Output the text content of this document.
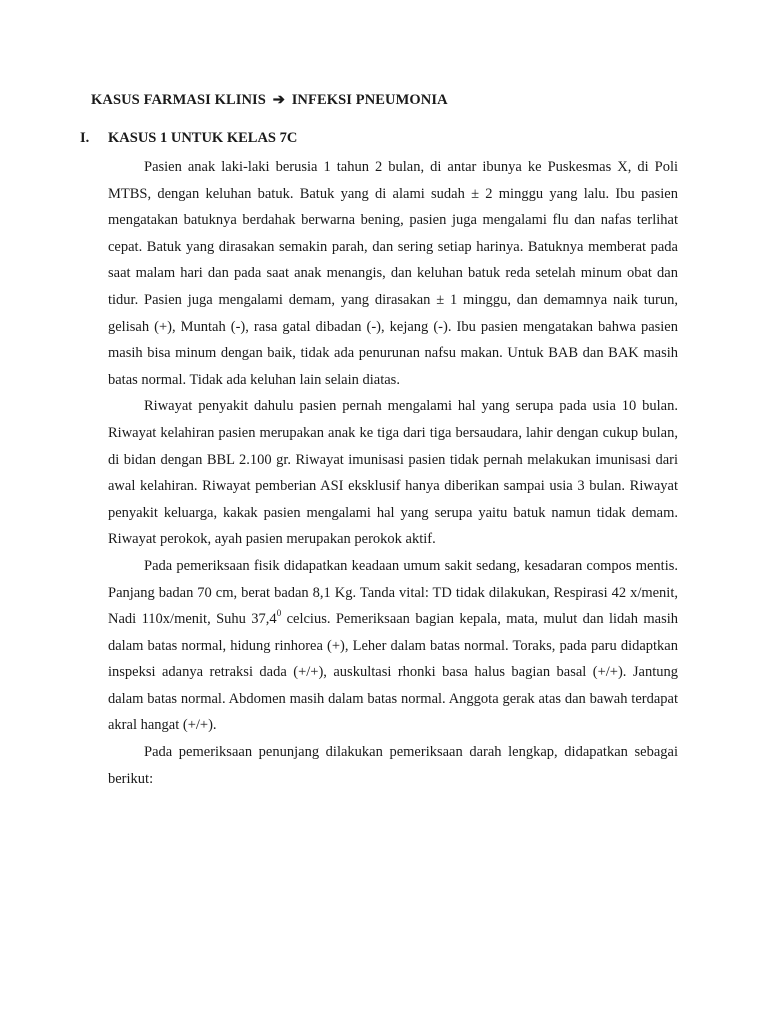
KASUS FARMASI KLINIS ➔ INFEKSI PNEUMONIA
I. KASUS 1 UNTUK KELAS 7C

Pasien anak laki-laki berusia 1 tahun 2 bulan, di antar ibunya ke Puskesmas X, di Poli MTBS, dengan keluhan batuk. Batuk yang di alami sudah ± 2 minggu yang lalu. Ibu pasien mengatakan batuknya berdahak berwarna bening, pasien juga mengalami flu dan nafas terlihat cepat. Batuk yang dirasakan semakin parah, dan sering setiap harinya. Batuknya memberat pada saat malam hari dan pada saat anak menangis, dan keluhan batuk reda setelah minum obat dan tidur. Pasien juga mengalami demam, yang dirasakan ± 1 minggu, dan demamnya naik turun, gelisah (+), Muntah (-), rasa gatal dibadan (-), kejang (-). Ibu pasien mengatakan bahwa pasien masih bisa minum dengan baik, tidak ada penurunan nafsu makan. Untuk BAB dan BAK masih batas normal. Tidak ada keluhan lain selain diatas.

Riwayat penyakit dahulu pasien pernah mengalami hal yang serupa pada usia 10 bulan. Riwayat kelahiran pasien merupakan anak ke tiga dari tiga bersaudara, lahir dengan cukup bulan, di bidan dengan BBL 2.100 gr. Riwayat imunisasi pasien tidak pernah melakukan imunisasi dari awal kelahiran. Riwayat pemberian ASI eksklusif hanya diberikan sampai usia 3 bulan. Riwayat penyakit keluarga, kakak pasien mengalami hal yang serupa yaitu batuk namun tidak demam. Riwayat perokok, ayah pasien merupakan perokok aktif.

Pada pemeriksaan fisik didapatkan keadaan umum sakit sedang, kesadaran compos mentis. Panjang badan 70 cm, berat badan 8,1 Kg. Tanda vital: TD tidak dilakukan, Respirasi 42 x/menit, Nadi 110x/menit, Suhu 37,4$^0$ celcius. Pemeriksaan bagian kepala, mata, mulut dan lidah masih dalam batas normal, hidung rinhorea (+), Leher dalam batas normal. Toraks, pada paru didaptkan inspeksi adanya retraksi dada (+/+), auskultasi rhonki basa halus bagian basal (+/+). Jantung dalam batas normal. Abdomen masih dalam batas normal. Anggota gerak atas dan bawah terdapat akral hangat (+/+).

Pada pemeriksaan penunjang dilakukan pemeriksaan darah lengkap, didapatkan sebagai berikut:
